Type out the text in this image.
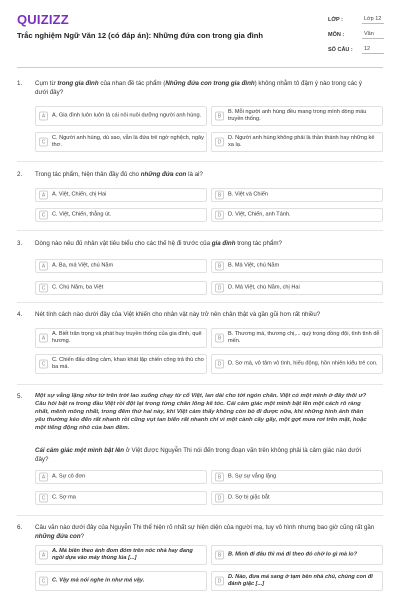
QUIZIZZ
Trắc nghiệm Ngữ Văn 12 (có đáp án): Những đứa con trong gia đình
LỚP :	Lớp 12
MÔN :	Văn
SỐ CÂU :	12
1. Cụm từ trong gia đình của nhan đề tác phẩm (Những đứa con trong gia đình) không nhằm tô đậm ý nào trong các ý dưới đây?
A	A. Gia đình luôn luôn là cái nôi nuôi dưỡng người anh hùng.	B
B. Mỗi người anh hùng đều mang trong mình dòng máu truyền thống.
C
C. Người anh hùng, dù sao, vẫn là đứa trẻ ngờ nghệch, ngây thơ.	D
D. Người anh hùng không phải là thần thánh hay những kẻ xa lạ.
2. Trong tác phẩm, hiện thân đầy đủ cho những đứa con là ai?
A	A. Việt, Chiến, chị Hai	B	B. Việt và Chiến
C	C. Việt, Chiến, thằng út.	D	D. Việt, Chiến, anh Tánh.
3. Dòng nào nêu đủ nhân vật tiêu biểu cho các thế hệ đi trước của gia đình trong tác phẩm?
A	A. Ba, má Việt, chú Năm	B	B. Má Việt, chú Năm
C	C. Chú Năm, ba Việt	D	D. Má Việt, chú Năm, chị Hai
4. Nét tính cách nào dưới đây của Việt khiến cho nhân vật này trở nên chân thật và gần gũi hơn rất nhiều?
A
A. Biết trân trọng và phát huy truyền thống của gia đình, quê hương.	B
B. Thương má, thương chị,... quý trọng đồng đội, tình tình dễ mến.
C
C. Chiến đấu dũng cảm, khao khát lập chiến công trả thù cho ba má.	D	D. Sơ mà, vô tâm vô tình, hiếu động, hồn nhiên kiểu trẻ con.
5. Một sự vắng lặng như từ trên trời lao xuống chạy từ cổ Việt, lan dài cho tới ngón chân. Việt có một mình ở đây thôi ư? Câu hỏi bật ra trong đầu Việt rồi đột lại trong từng chân lông kẽ tóc. Cái cảm giác một mình bật lên một cách rõ ràng nhất, mênh mông nhất, trong đêm thứ hai này, khi Việt cảm thấy không còn bò đi được nữa, khi những hình ảnh thân yêu thường kéo đến rất nhanh rồi cũng vụt tan biến rất nhanh chỉ vì một cành cây gãy, một gợt mưa rơi trên mặt, hoặc một tiếng động nhỏ của ban đêm.
Cái cảm giác một mình bật lên ở Việt được Nguyễn Thi nói đến trong đoạn văn trên không phải là cảm giác nào dưới đây?
A	A. Sự cô đơn	B	B. Sự sự vắng lặng
C	C. Sợ ma	D	D. Sợ bị giặc bắt
6. Câu văn nào dưới đây của Nguyễn Thi thể hiện rõ nhất sự hiện diện của người mạ, tuy vô hình nhưng bao giờ cũng rất gần những đứa con?
A
A. Má biên theo ảnh đom đóm trên nóc nhà hay đang ngồi dựa vào máy thùng lúa [...]	B	B. Mình đi đâu thì má đi theo đó chớ lo gì mà lo?
C	C. Vậy mà nói nghe in như má vậy.	D
D. Nào, đưa má sang ở tạm bên nhà chú, chúng con đi đánh giặc [...]
